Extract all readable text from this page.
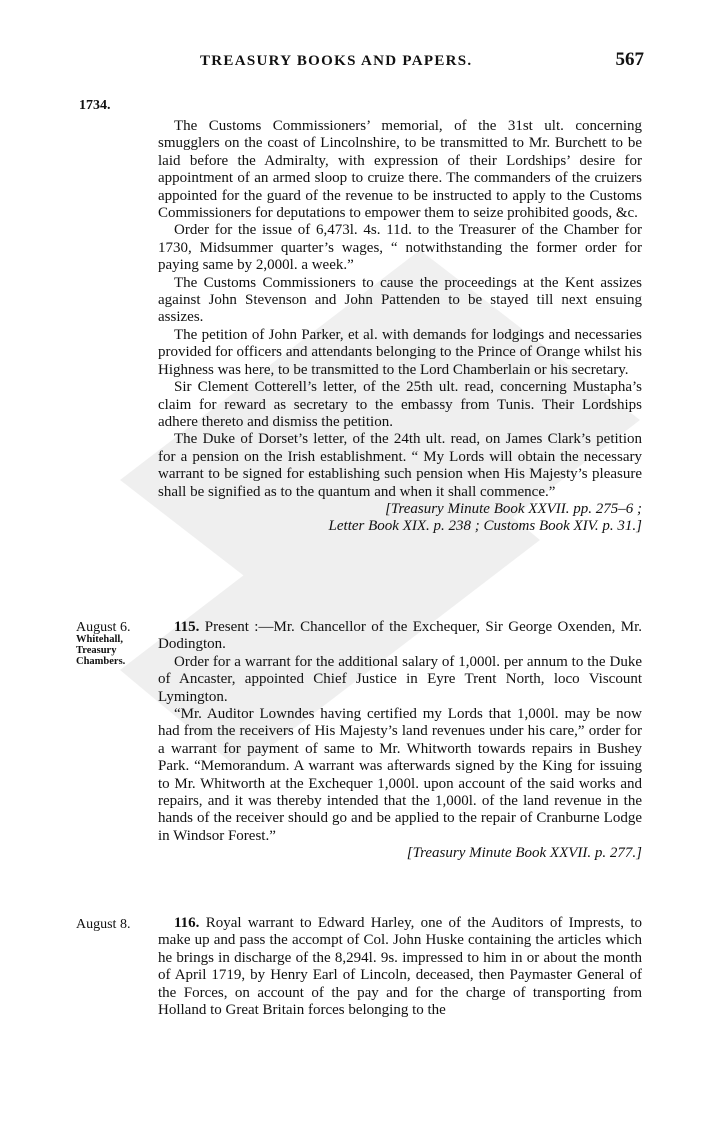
TREASURY BOOKS AND PAPERS.	567
1734.

The Customs Commissioners’ memorial, of the 31st ult. concerning smugglers on the coast of Lincolnshire, to be transmitted to Mr. Burchett to be laid before the Admiralty, with expression of their Lordships’ desire for appointment of an armed sloop to cruize there. The commanders of the cruizers appointed for the guard of the revenue to be instructed to apply to the Customs Commissioners for deputations to empower them to seize prohibited goods, &c.

Order for the issue of 6,473l. 4s. 11d. to the Treasurer of the Chamber for 1730, Midsummer quarter’s wages, “ notwithstanding the former order for paying same by 2,000l. a week.”

The Customs Commissioners to cause the proceedings at the Kent assizes against John Stevenson and John Pattenden to be stayed till next ensuing assizes.

The petition of John Parker, et al. with demands for lodgings and necessaries provided for officers and attendants belonging to the Prince of Orange whilst his Highness was here, to be transmitted to the Lord Chamberlain or his secretary.

Sir Clement Cotterell’s letter, of the 25th ult. read, concerning Mustapha’s claim for reward as secretary to the embassy from Tunis. Their Lordships adhere thereto and dismiss the petition.

The Duke of Dorset’s letter, of the 24th ult. read, on James Clark’s petition for a pension on the Irish establishment. “ My Lords will obtain the necessary warrant to be signed for establishing such pension when His Majesty’s pleasure shall be signified as to the quantum and when it shall commence.”

[Treasury Minute Book XXVII. pp. 275–6 ;

Letter Book XIX. p. 238 ; Customs Book XIV. p. 31.]

August 6.
Whitehall,
Treasury
Chambers.

115. Present :—Mr. Chancellor of the Exchequer, Sir George Oxenden, Mr. Dodington.

Order for a warrant for the additional salary of 1,000l. per annum to the Duke of Ancaster, appointed Chief Justice in Eyre Trent North, loco Viscount Lymington.

“Mr. Auditor Lowndes having certified my Lords that 1,000l. may be now had from the receivers of His Majesty’s land revenues under his care,” order for a warrant for payment of same to Mr. Whitworth towards repairs in Bushey Park. “Memorandum. A warrant was afterwards signed by the King for issuing to Mr. Whitworth at the Exchequer 1,000l. upon account of the said works and repairs, and it was thereby intended that the 1,000l. of the land revenue in the hands of the receiver should go and be applied to the repair of Cranburne Lodge in Windsor Forest.”

[Treasury Minute Book XXVII. p. 277.]

August 8.	116. Royal warrant to Edward Harley, one of the Auditors of Imprests, to make up and pass the accompt of Col. John Huske containing the articles which he brings in discharge of the 8,294l. 9s. impressed to him in or about the month of April 1719, by Henry Earl of Lincoln, deceased, then Paymaster General of the Forces, on account of the pay and for the charge of transporting from Holland to Great Britain forces belonging to the
